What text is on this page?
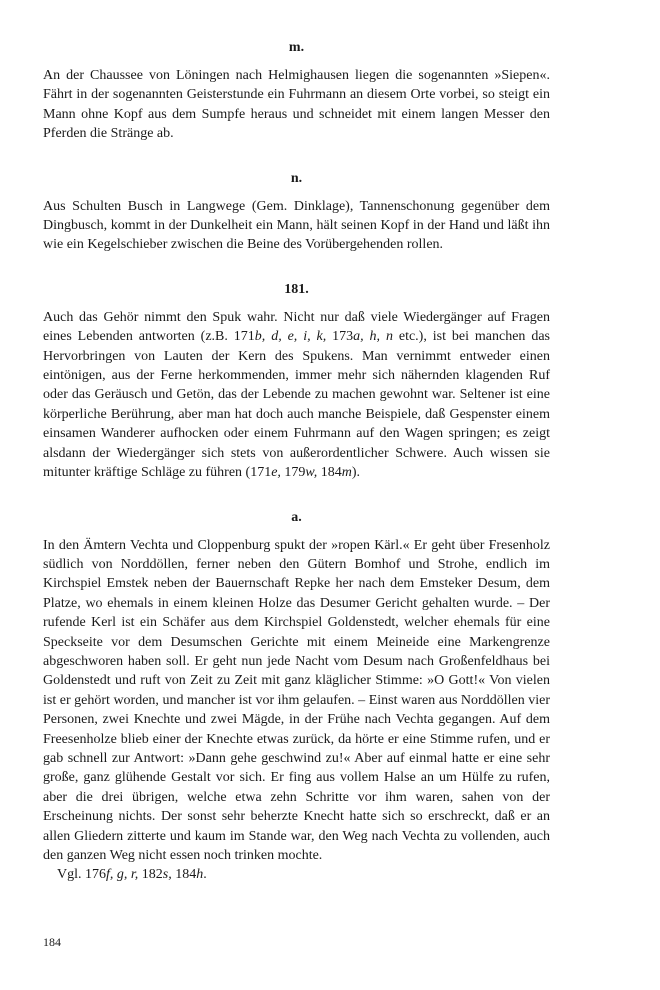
m.

An der Chaussee von Löningen nach Helmighausen liegen die sogenannten »Siepen«. Fährt in der sogenannten Geisterstunde ein Fuhrmann an diesem Orte vorbei, so steigt ein Mann ohne Kopf aus dem Sumpfe heraus und schneidet mit einem langen Messer den Pferden die Stränge ab.

n.

Aus Schulten Busch in Langwege (Gem. Dinklage), Tannenschonung gegenüber dem Dingbusch, kommt in der Dunkelheit ein Mann, hält seinen Kopf in der Hand und läßt ihn wie ein Kegelschieber zwischen die Beine des Vorübergehenden rollen.

181.

Auch das Gehör nimmt den Spuk wahr. Nicht nur daß viele Wiedergänger auf Fragen eines Lebenden antworten (z.B. 171b, d, e, i, k, 173a, h, n etc.), ist bei manchen das Hervorbringen von Lauten der Kern des Spukens. Man vernimmt entweder einen eintönigen, aus der Ferne herkommenden, immer mehr sich nähernden klagenden Ruf oder das Geräusch und Getön, das der Lebende zu machen gewohnt war. Seltener ist eine körperliche Berührung, aber man hat doch auch manche Beispiele, daß Gespenster einem einsamen Wanderer aufhocken oder einem Fuhrmann auf den Wagen springen; es zeigt alsdann der Wiedergänger sich stets von außerordentlicher Schwere. Auch wissen sie mitunter kräftige Schläge zu führen (171e, 179w, 184m).

a.

In den Ämtern Vechta und Cloppenburg spukt der »ropen Kärl.« Er geht über Fresenholz südlich von Norddöllen, ferner neben den Gütern Bomhof und Strohe, endlich im Kirchspiel Emstek neben der Bauernschaft Repke her nach dem Emsteker Desum, dem Platze, wo ehemals in einem kleinen Holze das Desumer Gericht gehalten wurde. – Der rufende Kerl ist ein Schäfer aus dem Kirchspiel Goldenstedt, welcher ehemals für eine Speckseite vor dem Desumschen Gerichte mit einem Meineide eine Markengrenze abgeschworen haben soll. Er geht nun jede Nacht vom Desum nach Großenfeldhaus bei Goldenstedt und ruft von Zeit zu Zeit mit ganz kläglicher Stimme: »O Gott!« Von vielen ist er gehört worden, und mancher ist vor ihm gelaufen. – Einst waren aus Norddöllen vier Personen, zwei Knechte und zwei Mägde, in der Frühe nach Vechta gegangen. Auf dem Freesenholze blieb einer der Knechte etwas zurück, da hörte er eine Stimme rufen, und er gab schnell zur Antwort: »Dann gehe geschwind zu!« Aber auf einmal hatte er eine sehr große, ganz glühende Gestalt vor sich. Er fing aus vollem Halse an um Hülfe zu rufen, aber die drei übrigen, welche etwa zehn Schritte vor ihm waren, sahen von der Erscheinung nichts. Der sonst sehr beherzte Knecht hatte sich so erschreckt, daß er an allen Gliedern zitterte und kaum im Stande war, den Weg nach Vechta zu vollenden, auch den ganzen Weg nicht essen noch trinken mochte.

Vgl. 176f, g, r, 182s, 184h.

184
